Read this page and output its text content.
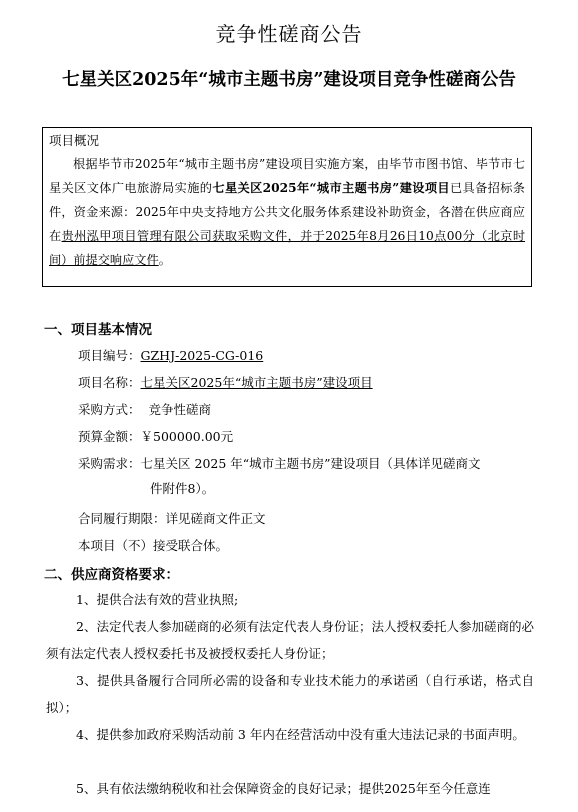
竞争性磋商公告
七星关区2025年“城市主题书房”建设项目竞争性磋商公告
项目概况

根据毕节市2025年“城市主题书房”建设项目实施方案，由毕节市图书馆、毕节市七星关区文体广电旅游局实施的七星关区2025年“城市主题书房”建设项目已具备招标条件，资金来源：2025年中央支持地方公共文化服务体系建设补助资金，各潜在供应商应在贵州泓甲项目管理有限公司获取采购文件，并于2025年8月26日10点00分（北京时间）前提交响应文件。

一、项目基本情况
项目编号：GZHJ-2025-CG-016
项目名称：七星关区2025年“城市主题书房”建设项目
采购方式： 竞争性磋商
预算金额：￥500000.00元
采购需求：七星关区 2025 年“城市主题书房”建设项目（具体详见磋商文
件附件8）。
合同履行期限：详见磋商文件正文
本项目（不）接受联合体。
二、供应商资格要求：

1、提供合法有效的营业执照;

2、法定代表人参加磋商的必须有法定代表人身份证；法人授权委托人参加磋商的必须有法定代表人授权委托书及被授权委托人身份证；

3、提供具备履行合同所必需的设备和专业技术能力的承诺函（自行承诺，格式自拟）；

4、提供参加政府采购活动前 3 年内在经营活动中没有重大违法记录的书面声明。

5、具有依法缴纳税收和社会保障资金的良好记录；提供2025年至今任意连
